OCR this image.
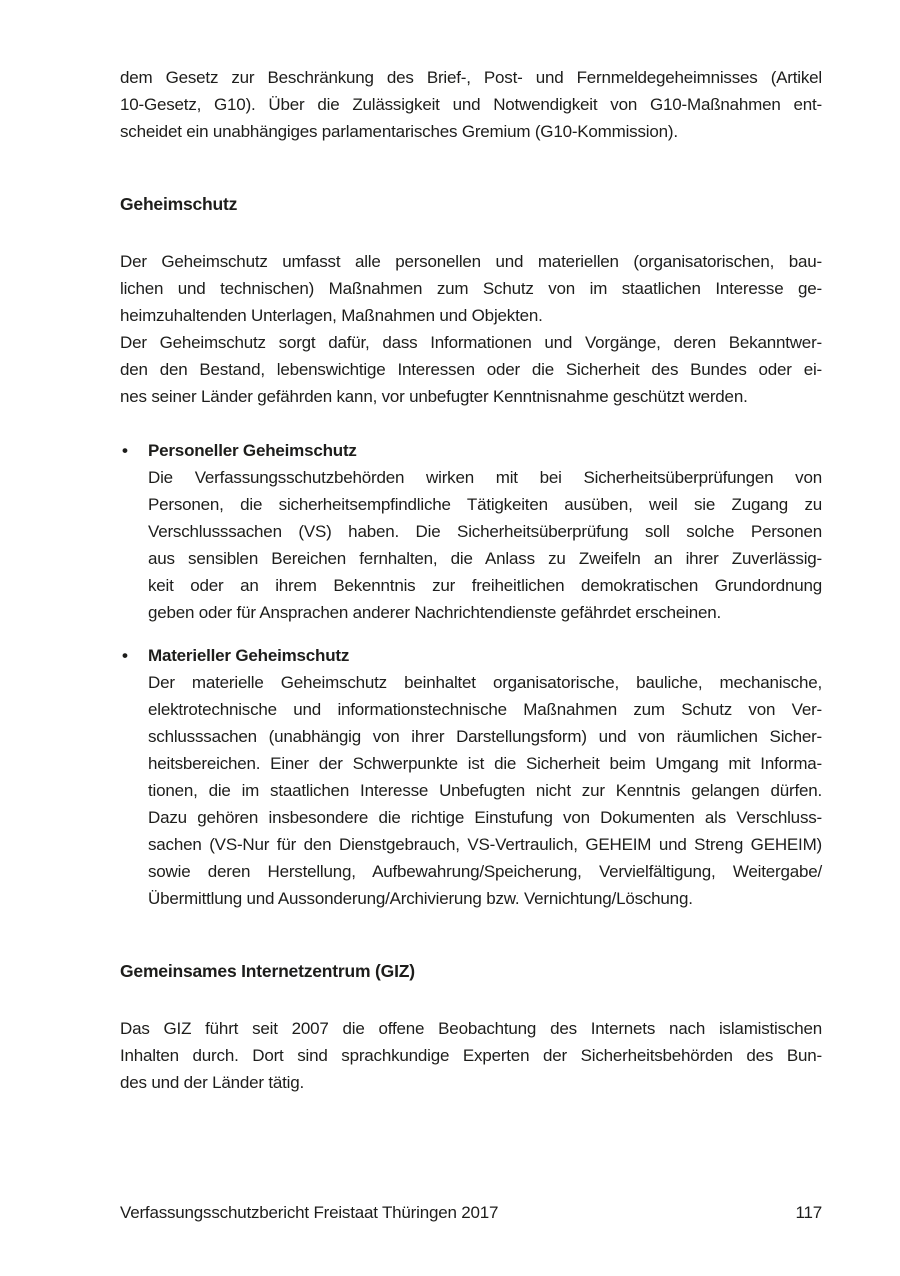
dem Gesetz zur Beschränkung des Brief-, Post- und Fernmeldegeheimnisses (Artikel
10-Gesetz, G10). Über die Zulässigkeit und Notwendigkeit von G10-Maßnahmen ent-
scheidet ein unabhängiges parlamentarisches Gremium (G10-Kommission).

Geheimschutz

Der Geheimschutz umfasst alle personellen und materiellen (organisatorischen, bau-
lichen und technischen) Maßnahmen zum Schutz von im staatlichen Interesse ge-
heimzuhaltenden Unterlagen, Maßnahmen und Objekten.

Der Geheimschutz sorgt dafür, dass Informationen und Vorgänge, deren Bekanntwer-
den den Bestand, lebenswichtige Interessen oder die Sicherheit des Bundes oder ei-
nes seiner Länder gefährden kann, vor unbefugter Kenntnisnahme geschützt werden.

• Personeller Geheimschutz
Die Verfassungsschutzbehörden wirken mit bei Sicherheitsüberprüfungen von
Personen, die sicherheitsempfindliche Tätigkeiten ausüben, weil sie Zugang zu
Verschlusssachen (VS) haben. Die Sicherheitsüberprüfung soll solche Personen
aus sensiblen Bereichen fernhalten, die Anlass zu Zweifeln an ihrer Zuverlässig-
keit oder an ihrem Bekenntnis zur freiheitlichen demokratischen Grundordnung
geben oder für Ansprachen anderer Nachrichtendienste gefährdet erscheinen.
• Materieller Geheimschutz
Der materielle Geheimschutz beinhaltet organisatorische, bauliche, mechanische,
elektrotechnische und informationstechnische Maßnahmen zum Schutz von Ver-
schlusssachen (unabhängig von ihrer Darstellungsform) und von räumlichen Sicher-
heitsbereichen. Einer der Schwerpunkte ist die Sicherheit beim Umgang mit Informa-
tionen, die im staatlichen Interesse Unbefugten nicht zur Kenntnis gelangen dürfen.
Dazu gehören insbesondere die richtige Einstufung von Dokumenten als Verschluss-
sachen (VS-Nur für den Dienstgebrauch, VS-Vertraulich, GEHEIM und Streng GEHEIM)
sowie deren Herstellung, Aufbewahrung/Speicherung, Vervielfältigung, Weitergabe/
Übermittlung und Aussonderung/Archivierung bzw. Vernichtung/Löschung.
Gemeinsames Internetzentrum (GIZ)

Das GIZ führt seit 2007 die offene Beobachtung des Internets nach islamistischen
Inhalten durch. Dort sind sprachkundige Experten der Sicherheitsbehörden des Bun-
des und der Länder tätig.

Verfassungsschutzbericht Freistaat Thüringen 2017	117
